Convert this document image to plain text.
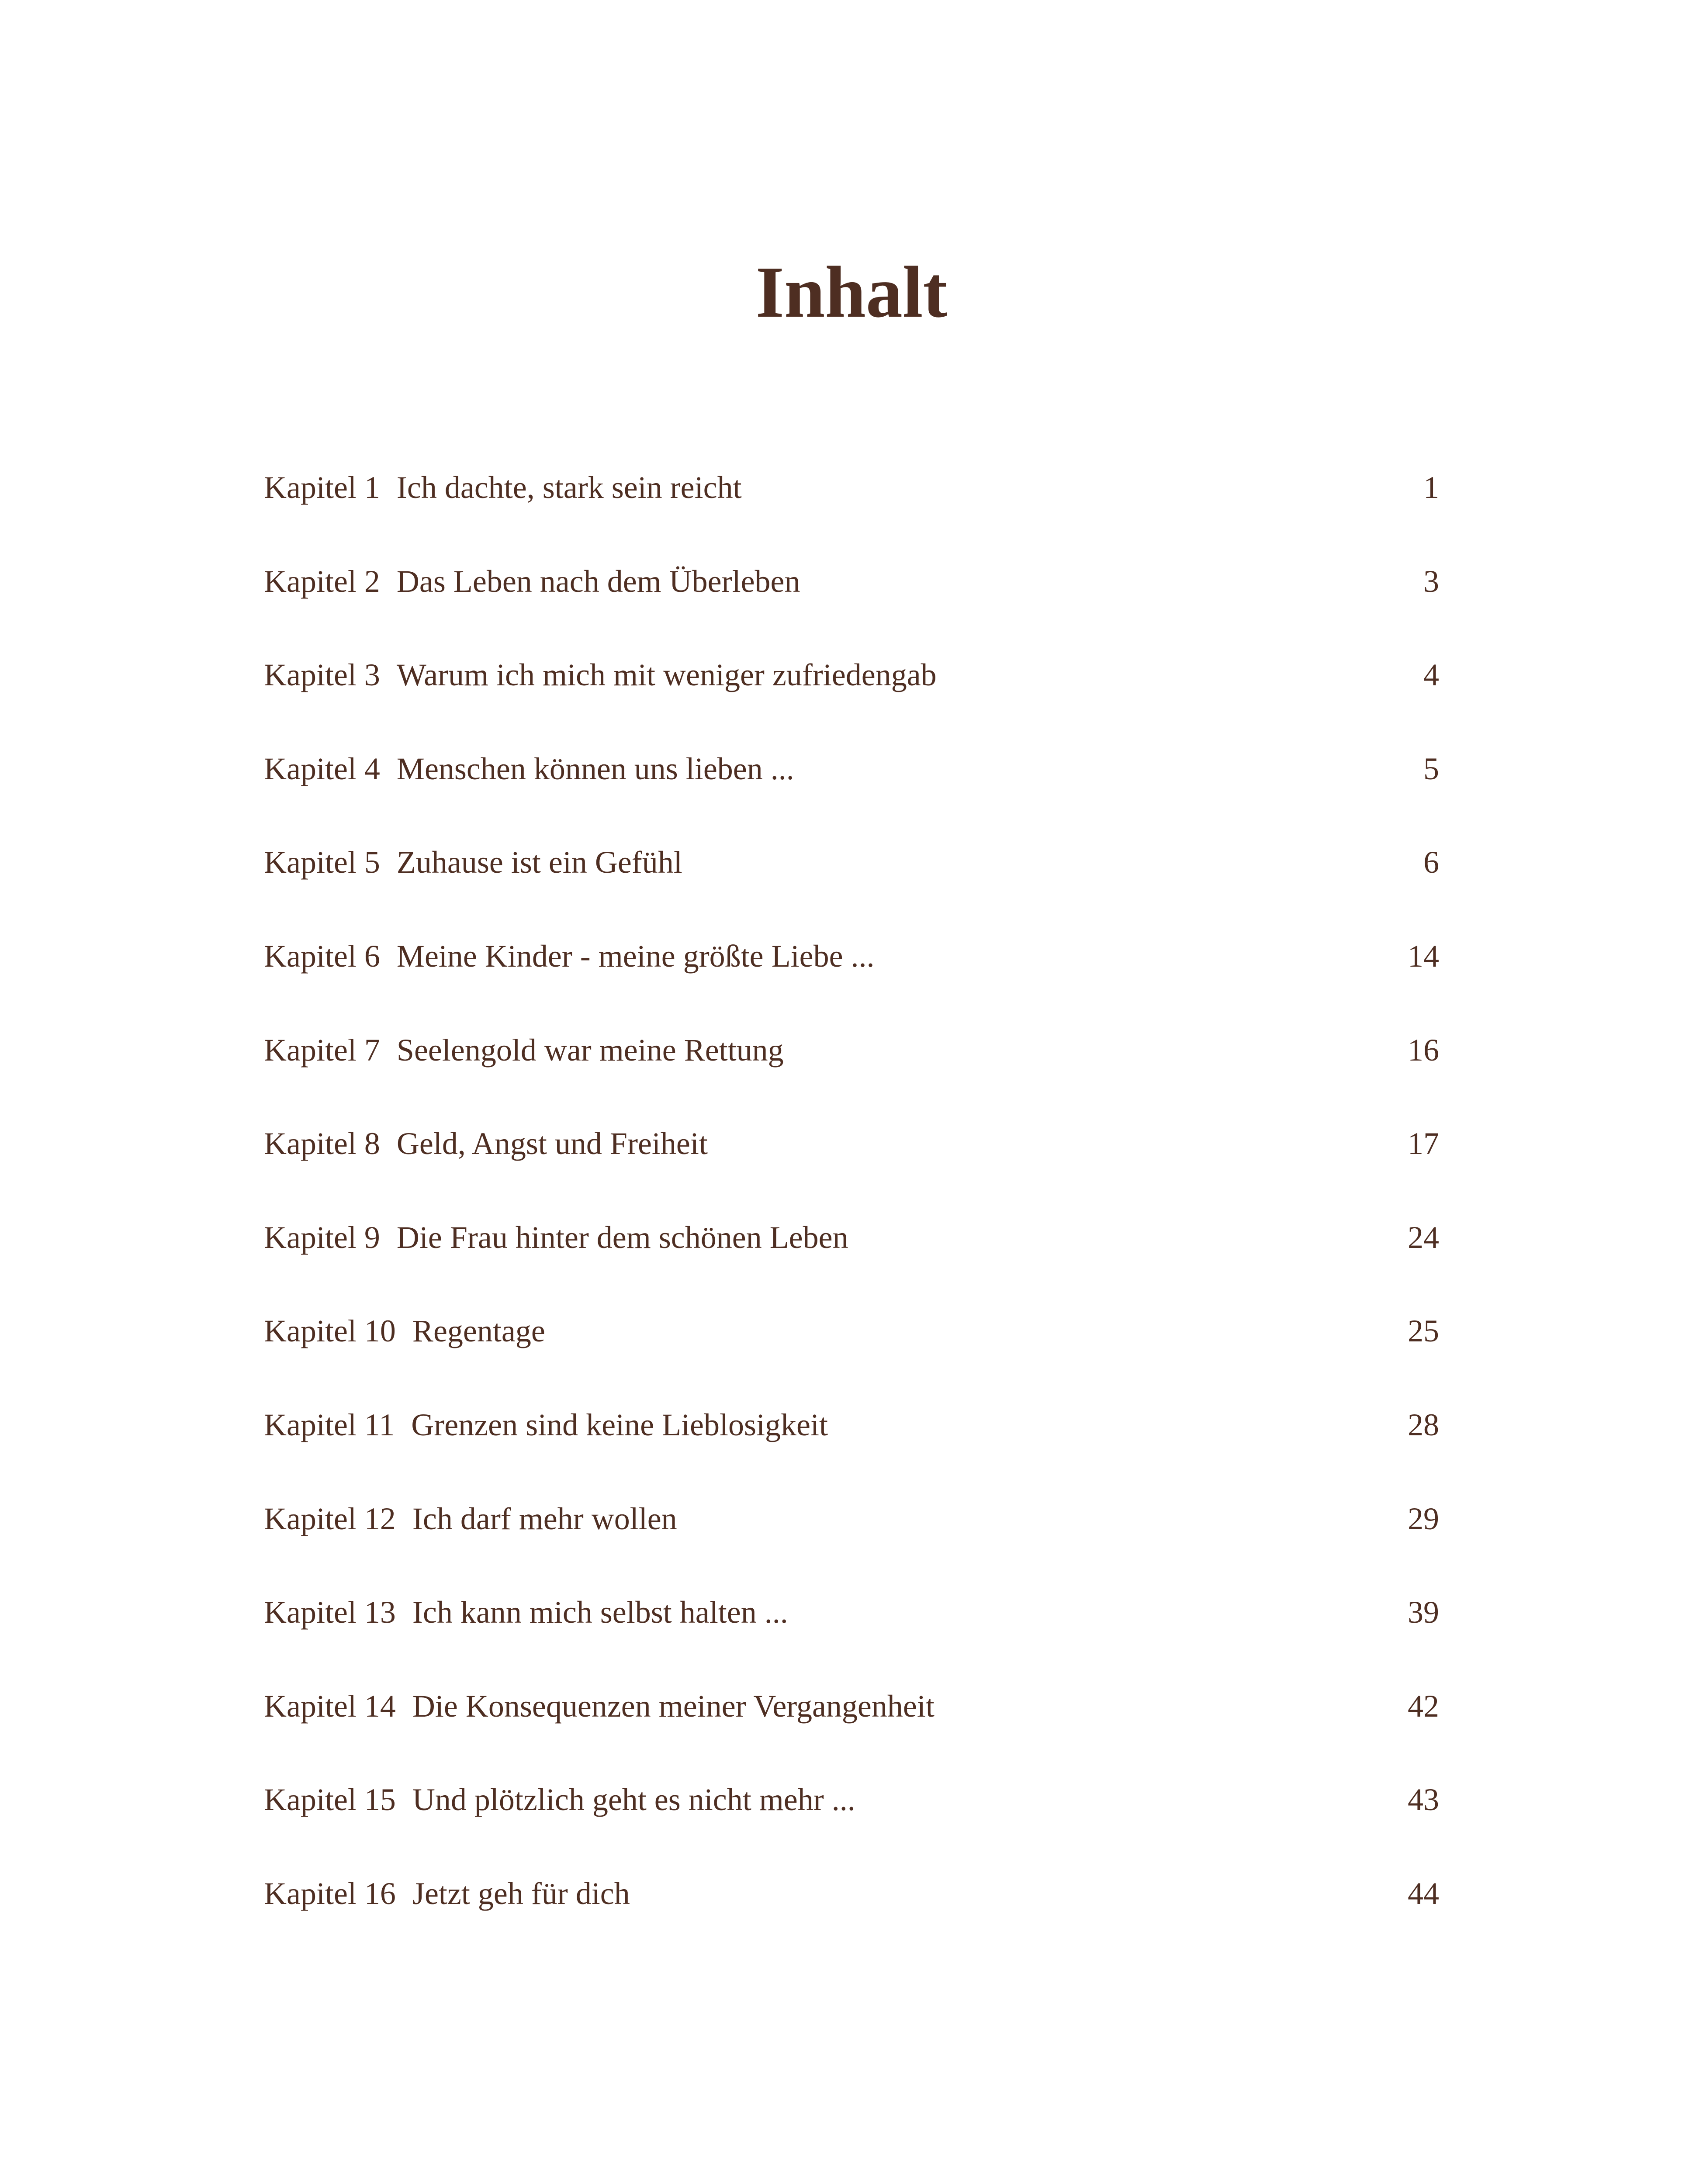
Inhalt
Kapitel 1 Ich dachte, stark sein reicht	1
Kapitel 2 Das Leben nach dem Überleben	3
Kapitel 3 Warum ich mich mit weniger zufriedengab	4
Kapitel 4 Menschen können uns lieben ...	5
Kapitel 5 Zuhause ist ein Gefühl	6
Kapitel 6 Meine Kinder - meine größte Liebe ...	14
Kapitel 7 Seelengold war meine Rettung	16
Kapitel 8 Geld, Angst und Freiheit	17
Kapitel 9 Die Frau hinter dem schönen Leben	24
Kapitel 10 Regentage	25
Kapitel 11 Grenzen sind keine Lieblosigkeit	28
Kapitel 12 Ich darf mehr wollen	29
Kapitel 13 Ich kann mich selbst halten ...	39
Kapitel 14 Die Konsequenzen meiner Vergangenheit	42
Kapitel 15 Und plötzlich geht es nicht mehr ...	43
Kapitel 16 Jetzt geh für dich	44
